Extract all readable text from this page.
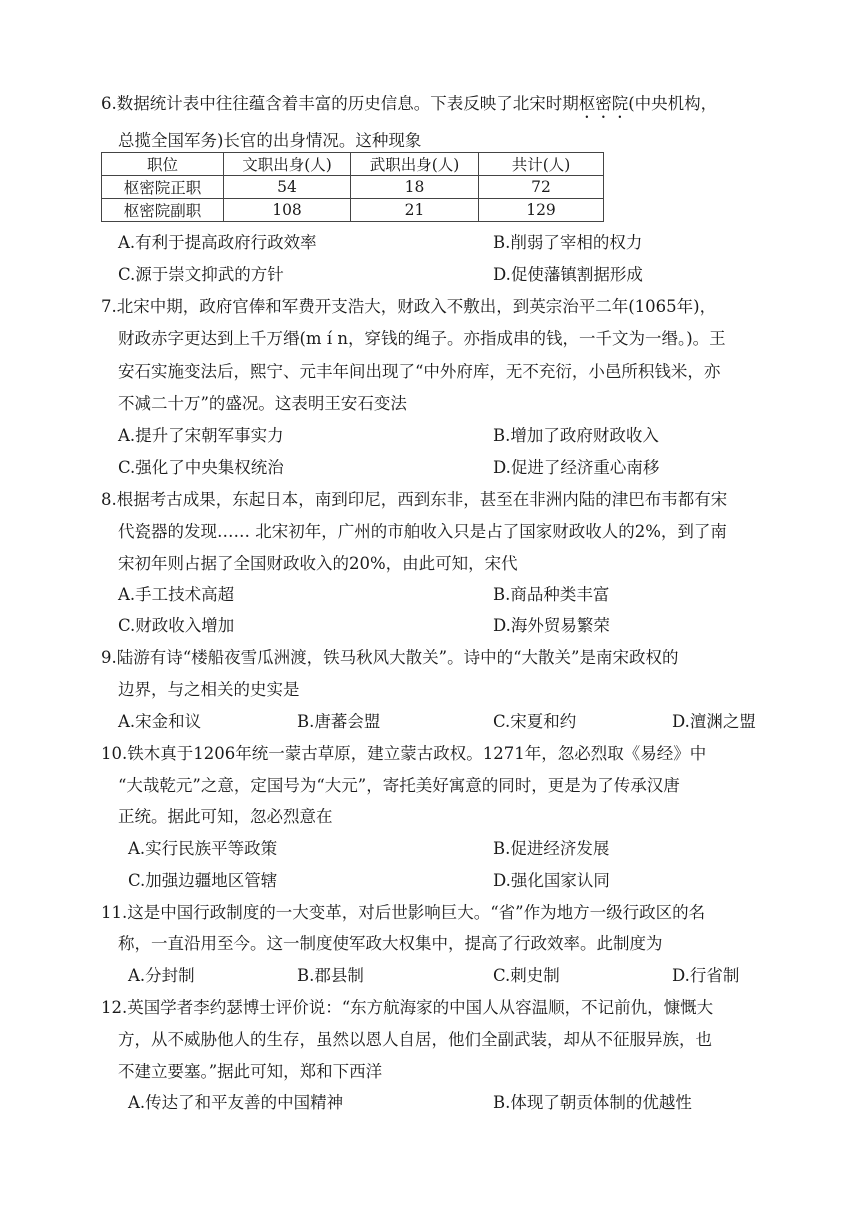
6.数据统计表中往往蕴含着丰富的历史信息。下表反映了北宋时期枢密院(中央机构，
总揽全国军务)长官的出身情况。这种现象
职位	文职出身(人)	武职出身(人)	共计(人)
枢密院正职	54	18	72
枢密院副职	108	21	129
A.有利于提高政府行政效率	B.削弱了宰相的权力
C.源于崇文抑武的方针	D.促使藩镇割据形成
7.北宋中期，政府官俸和军费开支浩大，财政入不敷出，到英宗治平二年(1065年)，
财政赤字更达到上千万缗(m í n，穿钱的绳子。亦指成串的钱，一千文为一缗。)。王
安石实施变法后，熙宁、元丰年间出现了“中外府库，无不充衍，小邑所积钱米，亦
不减二十万”的盛况。这表明王安石变法
A.提升了宋朝军事实力	B.增加了政府财政收入
C.强化了中央集权统治	D.促进了经济重心南移
8.根据考古成果，东起日本，南到印尼，西到东非，甚至在非洲内陆的津巴布韦都有宋
代瓷器的发现…… 北宋初年，广州的市舶收入只是占了国家财政收人的2%，到了南
宋初年则占据了全国财政收入的20%，由此可知，宋代
A.手工技术高超	B.商品种类丰富
C.财政收入增加	D.海外贸易繁荣
9.陆游有诗“楼船夜雪瓜洲渡，铁马秋风大散关”。诗中的“大散关”是南宋政权的
边界，与之相关的史实是
A.宋金和议	B.唐蕃会盟	C.宋夏和约	D.澶渊之盟
10.铁木真于1206年统一蒙古草原，建立蒙古政权。1271年，忽必烈取《易经》中
“大哉乾元”之意，定国号为“大元”，寄托美好寓意的同时，更是为了传承汉唐
正统。据此可知，忽必烈意在
A.实行民族平等政策	B.促进经济发展
C.加强边疆地区管辖	D.强化国家认同
11.这是中国行政制度的一大变革，对后世影响巨大。“省”作为地方一级行政区的名
称，一直沿用至今。这一制度使军政大权集中，提高了行政效率。此制度为
A.分封制	B.郡县制	C.刺史制	D.行省制
12.英国学者李约瑟博士评价说：“东方航海家的中国人从容温顺，不记前仇，慷慨大
方，从不威胁他人的生存，虽然以恩人自居，他们全副武装，却从不征服异族，也
不建立要塞。”据此可知，郑和下西洋
A.传达了和平友善的中国精神	B.体现了朝贡体制的优越性
